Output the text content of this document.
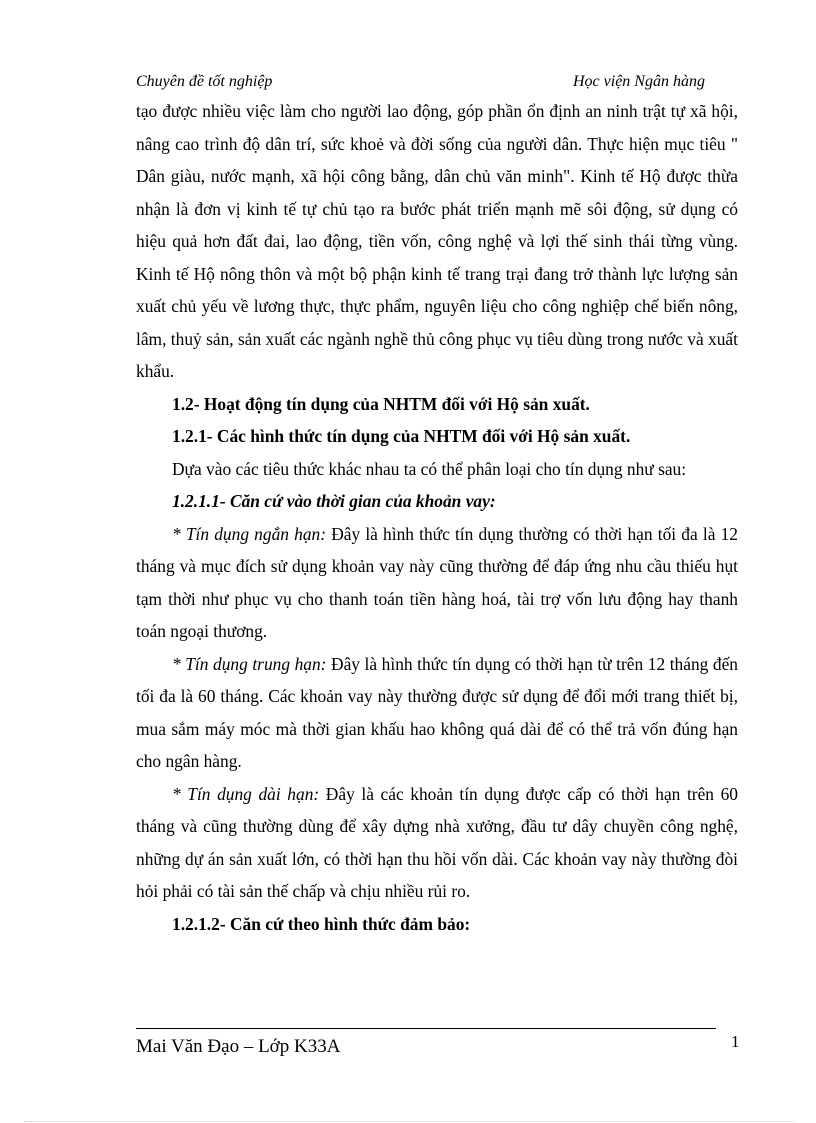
Chuyên đề tốt nghiệp	Học viện Ngân hàng

tạo được nhiều việc làm cho người lao động, góp phần ổn định an ninh trật tự xã hội, nâng cao trình độ dân trí, sức khoẻ và đời sống của người dân. Thực hiện mục tiêu " Dân giàu, nước mạnh, xã hội công bằng, dân chủ văn minh". Kinh tế Hộ được thừa nhận là đơn vị kinh tế tự chủ tạo ra bước phát triển mạnh mẽ sôi động, sử dụng có hiệu quả hơn đất đai, lao động, tiền vốn, công nghệ và lợi thế sinh thái từng vùng. Kinh tế Hộ nông thôn và một bộ phận kinh tế trang trại đang trở thành lực lượng sản xuất chủ yếu về lương thực, thực phẩm, nguyên liệu cho công nghiệp chế biến nông, lâm, thuỷ sản, sản xuất các ngành nghề thủ công phục vụ tiêu dùng trong nước và xuất khẩu.

1.2- Hoạt động tín dụng của NHTM đối với Hộ sản xuất.

1.2.1- Các hình thức tín dụng của NHTM đối với Hộ sản xuất.

Dựa vào các tiêu thức khác nhau ta có thể phân loại cho tín dụng như sau:

1.2.1.1- Căn cứ vào thời gian của khoản vay:

* Tín dụng ngắn hạn: Đây là hình thức tín dụng thường có thời hạn tối đa là 12 tháng và mục đích sử dụng khoản vay này cũng thường để đáp ứng nhu cầu thiếu hụt tạm thời như phục vụ cho thanh toán tiền hàng hoá, tài trợ vốn lưu động hay thanh toán ngoại thương.

* Tín dụng trung hạn: Đây là hình thức tín dụng có thời hạn từ trên 12 tháng đến tối đa là 60 tháng. Các khoản vay này thường được sử dụng để đổi mới trang thiết bị, mua sắm máy móc mà thời gian khấu hao không quá dài để có thể trả vốn đúng hạn cho ngân hàng.

* Tín dụng dài hạn: Đây là các khoản tín dụng được cấp có thời hạn trên 60 tháng và cũng thường dùng để xây dựng nhà xưởng, đầu tư dây chuyền công nghệ, những dự án sản xuất lớn, có thời hạn thu hồi vốn dài. Các khoản vay này thường đòi hỏi phải có tài sản thế chấp và chịu nhiều rủi ro.

1.2.1.2- Căn cứ theo hình thức đảm bảo:

Mai Văn Đạo – Lớp K33A	1
